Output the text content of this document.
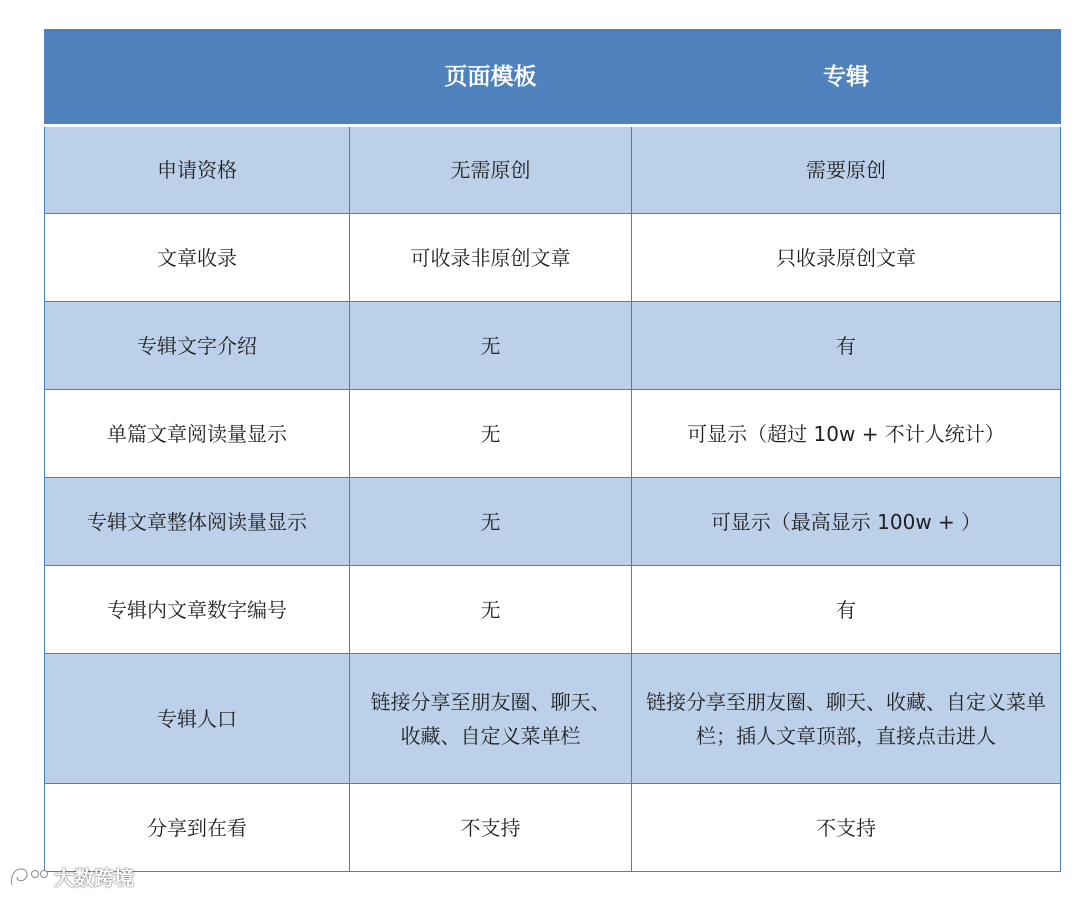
	页面模板	专辑
申请资格	无需原创	需要原创
文章收录	可收录非原创文章	只收录原创文章
专辑文字介绍	无	有
单篇文章阅读量显示	无	可显示（超过 10w + 不计人统计）
专辑文章整体阅读量显示	无	可显示（最高显示 100w + ）
专辑内文章数字编号	无	有
专辑人口	链接分享至朋友圈、聊天、收藏、自定义菜单栏	链接分享至朋友圈、聊天、收藏、自定义菜单栏；插人文章顶部，直接点击进人
分享到在看	不支持	不支持
大数跨境
